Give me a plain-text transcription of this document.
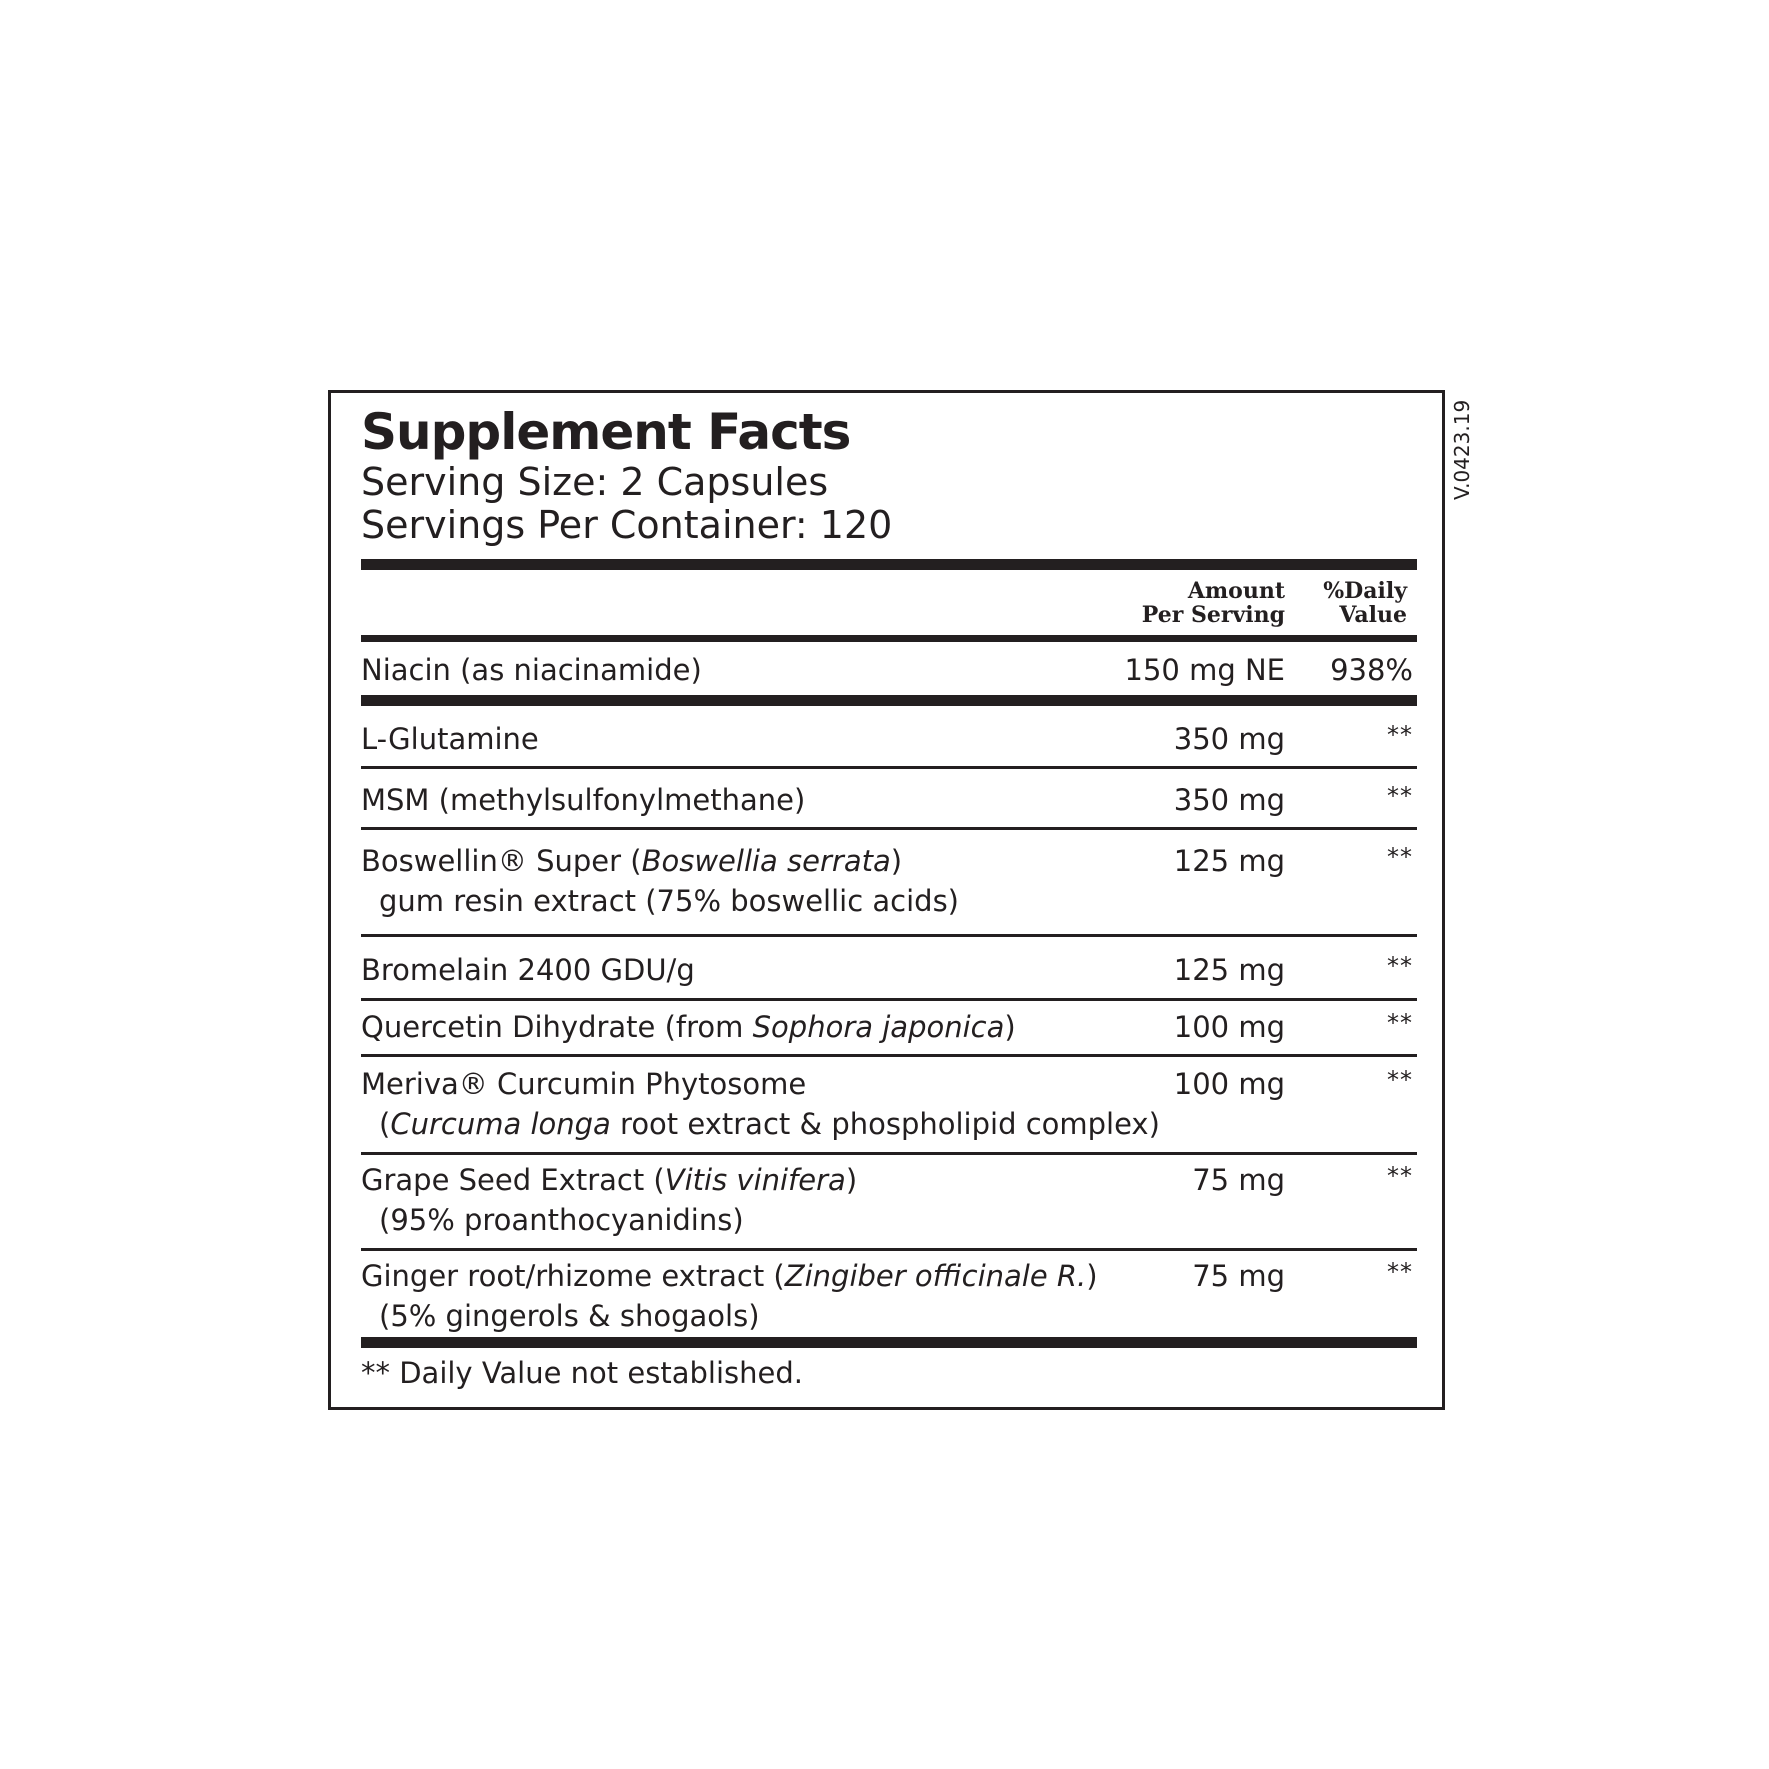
V.0423.19
Supplement Facts
Serving Size: 2 Capsules
Servings Per Container: 120
Amount
Per Serving
%Daily
Value
Niacin (as niacinamide)	150 mg NE 938%
L-Glutamine	350 mg	**
MSM (methylsulfonylmethane)	350 mg	**
Boswellin® Super (Boswellia serrata)
gum resin extract (75% boswellic acids)
125 mg	**
Bromelain 2400 GDU/g	125 mg	**
Quercetin Dihydrate (from Sophora japonica)	100 mg	**
Meriva® Curcumin Phytosome
(Curcuma longa root extract & phospholipid complex)
100 mg	**
Grape Seed Extract (Vitis vinifera)
(95% proanthocyanidins)
75 mg	**
Ginger root/rhizome extract (Zingiber officinale R.)
(5% gingerols & shogaols)
75 mg	**
** Daily Value not established.
